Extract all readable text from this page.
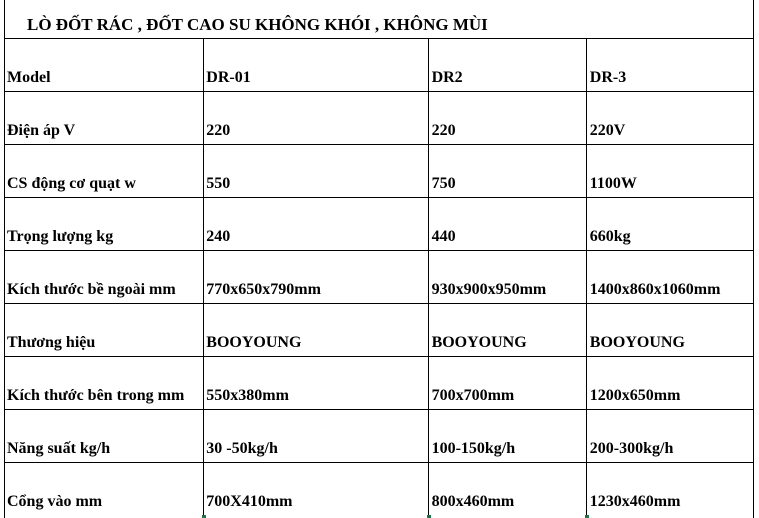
LÒ ĐỐT RÁC , ĐỐT CAO SU KHÔNG KHÓI , KHÔNG MÙI
Model	DR-01	DR2	DR-3
Điện áp V	220	220	220V
CS động cơ quạt w	550	750	1100W
Trọng lượng kg	240	440	660kg
Kích thước bề ngoài mm	770x650x790mm	930x900x950mm	1400x860x1060mm
Thương hiệu	BOOYOUNG	BOOYOUNG	BOOYOUNG
Kích thước bên trong mm	550x380mm	700x700mm	1200x650mm
Năng suất kg/h	30 -50kg/h	100-150kg/h	200-300kg/h
Cổng vào mm	700X410mm	800x460mm	1230x460mm
